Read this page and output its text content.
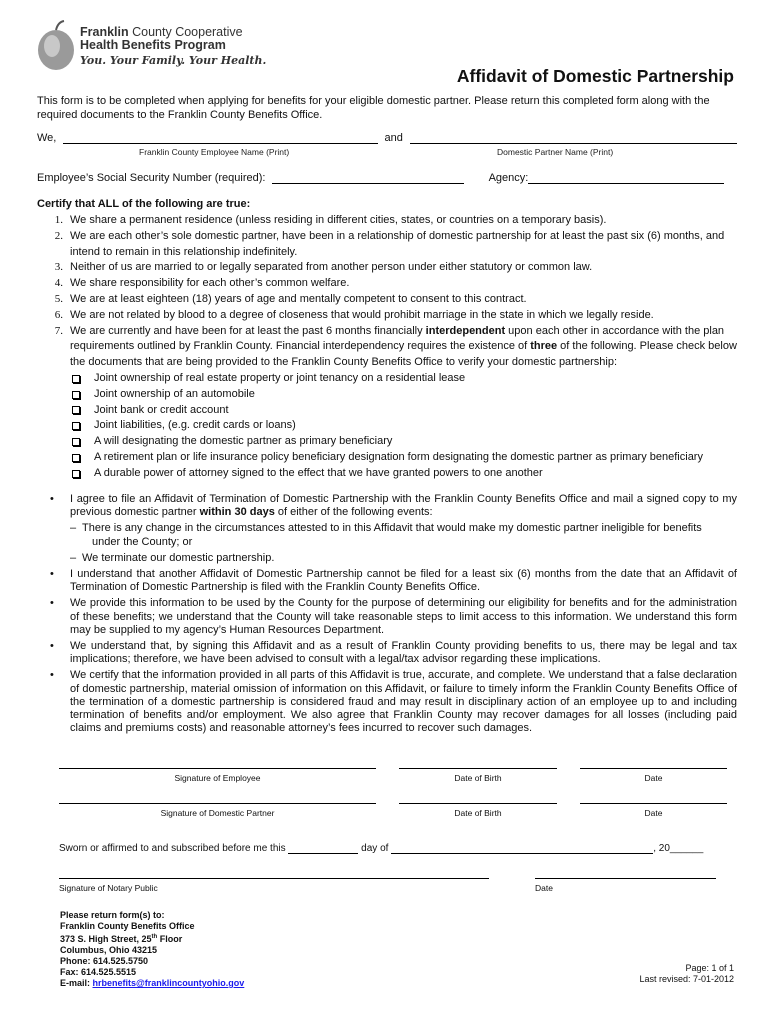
Franklin County Cooperative
Health Benefits Program
You. Your Family. Your Health.
Affidavit of Domestic Partnership
This form is to be completed when applying for benefits for your eligible domestic partner. Please return this completed form along with the required documents to the Franklin County Benefits Office.
We,	and
Franklin County Employee Name (Print)	Domestic Partner Name (Print)
Employee’s Social Security Number (required):	Agency:
Certify that ALL of the following are true:
1. We share a permanent residence (unless residing in different cities, states, or countries on a temporary basis).
2. We are each other’s sole domestic partner, have been in a relationship of domestic partnership for at least the past six (6) months, and intend to remain in this relationship indefinitely.
3. Neither of us are married to or legally separated from another person under either statutory or common law.
4. We share responsibility for each other’s common welfare.
5. We are at least eighteen (18) years of age and mentally competent to consent to this contract.
6. We are not related by blood to a degree of closeness that would prohibit marriage in the state in which we legally reside.
7. We are currently and have been for at least the past 6 months financially interdependent upon each other in accordance with the plan requirements outlined by Franklin County. Financial interdependency requires the existence of three of the following. Please check below the documents that are being provided to the Franklin County Benefits Office to verify your domestic partnership:
Joint ownership of real estate property or joint tenancy on a residential lease
Joint ownership of an automobile
Joint bank or credit account
Joint liabilities, (e.g. credit cards or loans)
A will designating the domestic partner as primary beneficiary
A retirement plan or life insurance policy beneficiary designation form designating the domestic partner as primary beneficiary
A durable power of attorney signed to the effect that we have granted powers to one another
•	I agree to file an Affidavit of Termination of Domestic Partnership with the Franklin County Benefits Office and mail a signed copy to my previous domestic partner within 30 days of either of the following events:
– There is any change in the circumstances attested to in this Affidavit that would make my domestic partner ineligible for benefits
under the County; or
– We terminate our domestic partnership.
•	I understand that another Affidavit of Domestic Partnership cannot be filed for a least six (6) months from the date that an Affidavit of Termination of Domestic Partnership is filed with the Franklin County Benefits Office.
•	We provide this information to be used by the County for the purpose of determining our eligibility for benefits and for the administration of these benefits; we understand that the County will take reasonable steps to limit access to this information. We understand this form may be supplied to my agency’s Human Resources Department.
•	We understand that, by signing this Affidavit and as a result of Franklin County providing benefits to us, there may be legal and tax implications; therefore, we have been advised to consult with a legal/tax advisor regarding these implications.
•	We certify that the information provided in all parts of this Affidavit is true, accurate, and complete. We understand that a false declaration of domestic partnership, material omission of information on this Affidavit, or failure to timely inform the Franklin County Benefits Office of the termination of a domestic partnership is considered fraud and may result in disciplinary action of an employee up to and including termination of benefits and/or employment. We also agree that Franklin County may recover damages for all losses (including paid claims and premiums costs) and reasonable attorney’s fees incurred to recover such damages.
Signature of Employee	Date of Birth	Date
Signature of Domestic Partner	Date of Birth	Date
Sworn or affirmed to and subscribed before me this	day of	, 20______
Signature of Notary Public	Date
Please return form(s) to:
Franklin County Benefits Office
373 S. High Street, 25th Floor
Columbus, Ohio 43215
Phone: 614.525.5750
Fax: 614.525.5515
E-mail: hrbenefits@franklincountyohio.gov
Page: 1 of 1
Last revised: 7-01-2012
